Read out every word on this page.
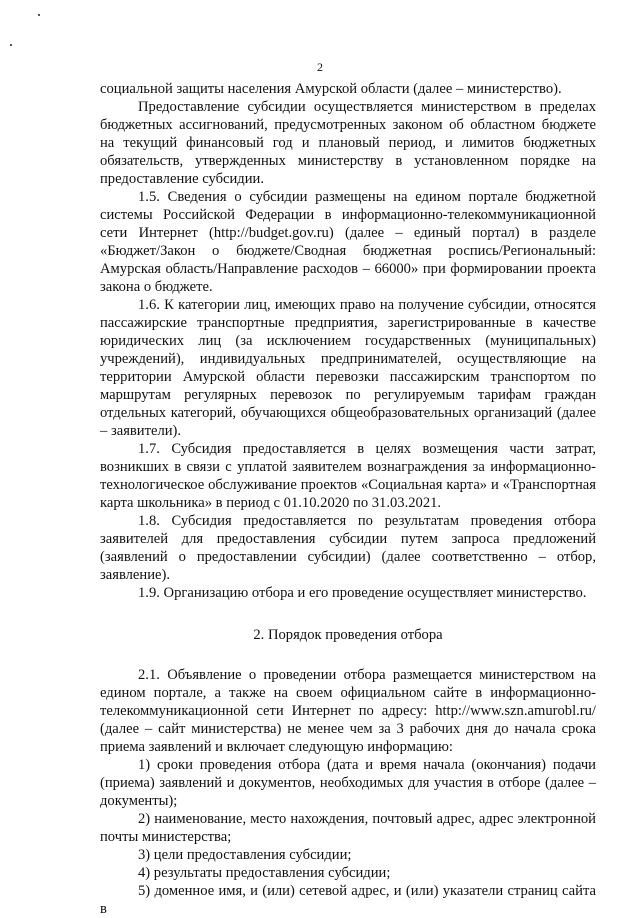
2

социальной защиты населения Амурской области (далее – министерство).

Предоставление субсидии осуществляется министерством в пределах бюджетных ассигнований, предусмотренных законом об областном бюджете на текущий финансовый год и плановый период, и лимитов бюджетных обязательств, утвержденных министерству в установленном порядке на предоставление субсидии.

1.5. Сведения о субсидии размещены на едином портале бюджетной системы Российской Федерации в информационно-телекоммуникационной сети Интернет (http://budget.gov.ru) (далее – единый портал) в разделе «Бюджет/Закон о бюджете/Сводная бюджетная роспись/Региональный: Амурская область/Направление расходов – 66000» при формировании проекта закона о бюджете.

1.6. К категории лиц, имеющих право на получение субсидии, относятся пассажирские транспортные предприятия, зарегистрированные в качестве юридических лиц (за исключением государственных (муниципальных) учреждений), индивидуальных предпринимателей, осуществляющие на территории Амурской области перевозки пассажирским транспортом по маршрутам регулярных перевозок по регулируемым тарифам граждан отдельных категорий, обучающихся общеобразовательных организаций (далее – заявители).

1.7. Субсидия предоставляется в целях возмещения части затрат, возникших в связи с уплатой заявителем вознаграждения за информационно-технологическое обслуживание проектов «Социальная карта» и «Транспортная карта школьника» в период с 01.10.2020 по 31.03.2021.

1.8. Субсидия предоставляется по результатам проведения отбора заявителей для предоставления субсидии путем запроса предложений (заявлений о предоставлении субсидии) (далее соответственно – отбор, заявление).

1.9. Организацию отбора и его проведение осуществляет министерство.

2. Порядок проведения отбора

2.1. Объявление о проведении отбора размещается министерством на едином портале, а также на своем официальном сайте в информационно-телекоммуникационной сети Интернет по адресу: http://www.szn.amurobl.ru/ (далее – сайт министерства) не менее чем за 3 рабочих дня до начала срока приема заявлений и включает следующую информацию:

1) сроки проведения отбора (дата и время начала (окончания) подачи (приема) заявлений и документов, необходимых для участия в отборе (далее – документы);

2) наименование, место нахождения, почтовый адрес, адрес электронной почты министерства;

3) цели предоставления субсидии;

4) результаты предоставления субсидии;

5) доменное имя, и (или) сетевой адрес, и (или) указатели страниц сайта в
